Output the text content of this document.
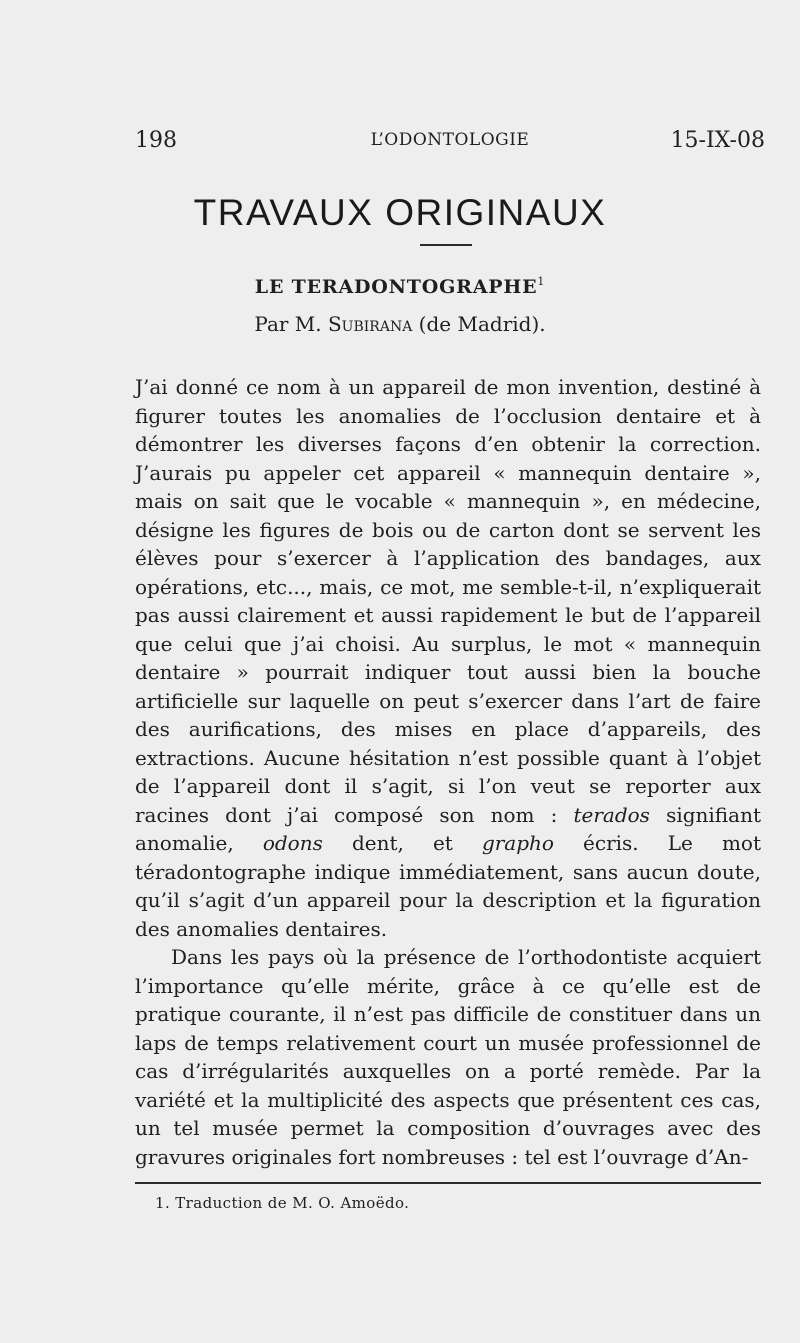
198	L’ODONTOLOGIE	15-IX-08
TRAVAUX ORIGINAUX
LE TERADONTOGRAPHE$^1$
Par M. Subirana (de Madrid).

J’ai donné ce nom à un appareil de mon invention, destiné à figurer toutes les anomalies de l’occlusion dentaire et à démontrer les diverses façons d’en obtenir la correction. J’aurais pu appeler cet appareil « mannequin dentaire », mais on sait que le vocable « mannequin », en médecine, désigne les figures de bois ou de carton dont se servent les élèves pour s’exercer à l’application des bandages, aux opérations, etc..., mais, ce mot, me semble-t-il, n’expliquerait pas aussi clairement et aussi rapidement le but de l’appareil que celui que j’ai choisi. Au surplus, le mot « mannequin dentaire » pourrait indiquer tout aussi bien la bouche artificielle sur laquelle on peut s’exercer dans l’art de faire des aurifications, des mises en place d’appareils, des extractions. Aucune hésitation n’est possible quant à l’objet de l’appareil dont il s’agit, si l’on veut se reporter aux racines dont j’ai composé son nom : terados signifiant anomalie, odons dent, et grapho écris. Le mot téradontographe indique immédiatement, sans aucun doute, qu’il s’agit d’un appareil pour la description et la figuration des anomalies dentaires.

Dans les pays où la présence de l’orthodontiste acquiert l’importance qu’elle mérite, grâce à ce qu’elle est de pratique courante, il n’est pas difficile de constituer dans un laps de temps relativement court un musée professionnel de cas d’irrégularités auxquelles on a porté remède. Par la variété et la multiplicité des aspects que présentent ces cas, un tel musée permet la composition d’ouvrages avec des gravures originales fort nombreuses : tel est l’ouvrage d’An-

1. Traduction de M. O. Amoëdo.
